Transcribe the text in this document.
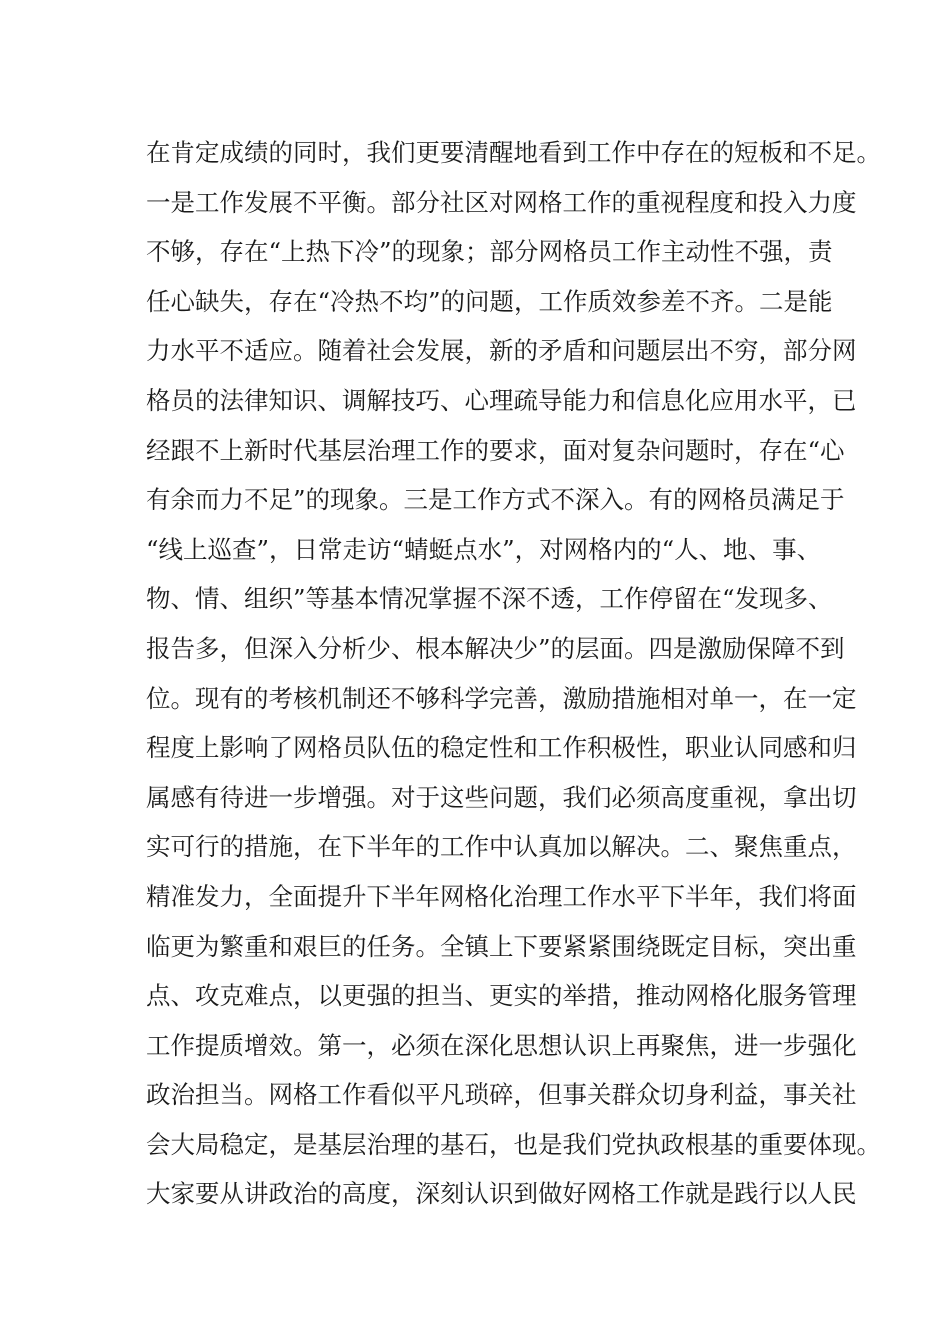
在肯定成绩的同时，我们更要清醒地看到工作中存在的短板和不足。
一是工作发展不平衡。部分社区对网格工作的重视程度和投入力度
不够，存在“上热下冷”的现象；部分网格员工作主动性不强，责
任心缺失，存在“冷热不均”的问题，工作质效参差不齐。二是能
力水平不适应。随着社会发展，新的矛盾和问题层出不穷，部分网
格员的法律知识、调解技巧、心理疏导能力和信息化应用水平，已
经跟不上新时代基层治理工作的要求，面对复杂问题时，存在“心
有余而力不足”的现象。三是工作方式不深入。有的网格员满足于
“线上巡查”，日常走访“蜻蜓点水”，对网格内的“人、地、事、
物、情、组织”等基本情况掌握不深不透，工作停留在“发现多、
报告多，但深入分析少、根本解决少”的层面。四是激励保障不到
位。现有的考核机制还不够科学完善，激励措施相对单一，在一定
程度上影响了网格员队伍的稳定性和工作积极性，职业认同感和归
属感有待进一步增强。对于这些问题，我们必须高度重视，拿出切
实可行的措施，在下半年的工作中认真加以解决。二、聚焦重点，
精准发力，全面提升下半年网格化治理工作水平下半年，我们将面
临更为繁重和艰巨的任务。全镇上下要紧紧围绕既定目标，突出重
点、攻克难点，以更强的担当、更实的举措，推动网格化服务管理
工作提质增效。第一，必须在深化思想认识上再聚焦，进一步强化
政治担当。网格工作看似平凡琐碎，但事关群众切身利益，事关社
会大局稳定，是基层治理的基石，也是我们党执政根基的重要体现。
大家要从讲政治的高度，深刻认识到做好网格工作就是践行以人民
